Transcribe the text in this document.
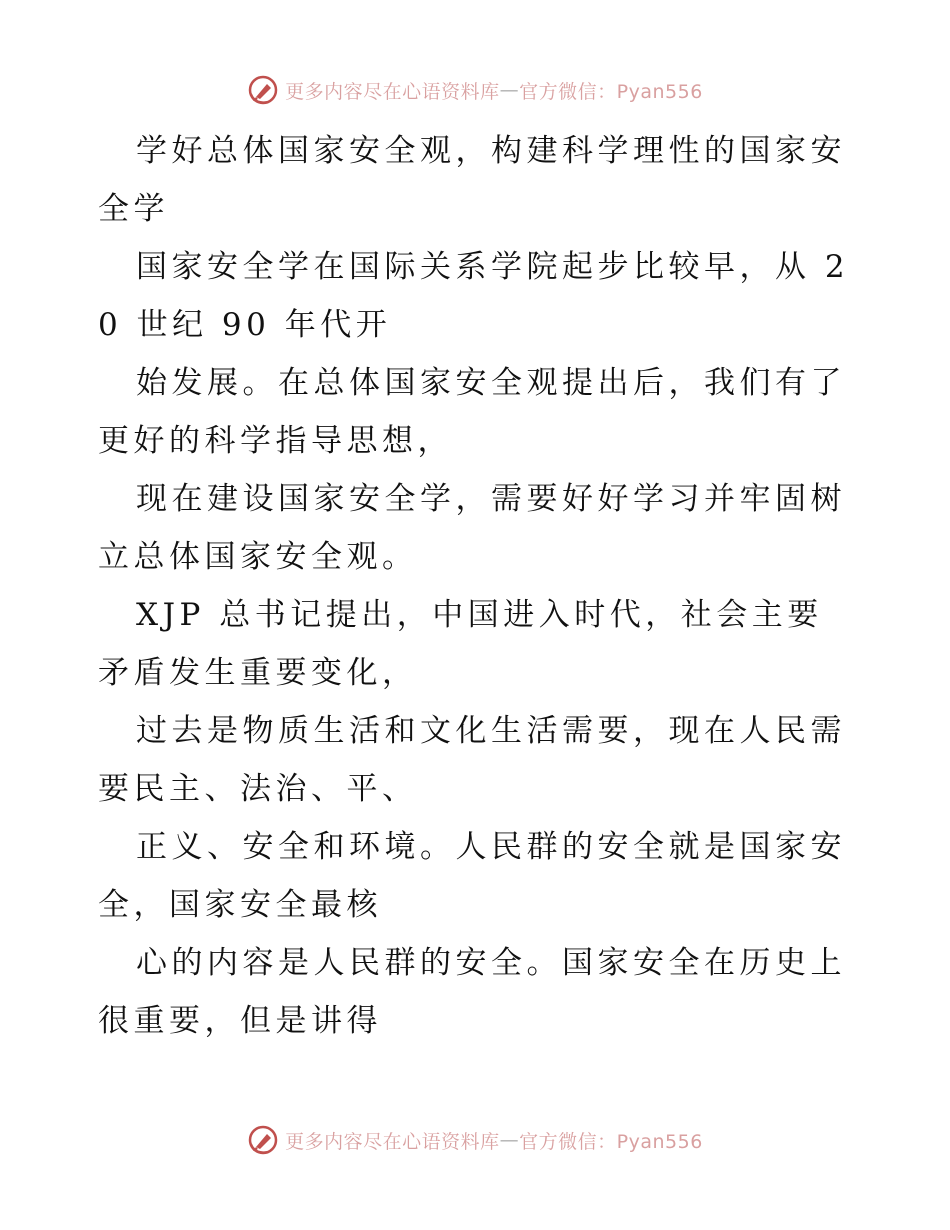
更多内容尽在心语资料库 — 官方微信：Pyan556

学好总体国家安全观，构建科学理性的国家安全学

国家安全学在国际关系学院起步比较早，从 20 世纪 90 年代开

始发展。在总体国家安全观提出后，我们有了更好的科学指导思想，

现在建设国家安全学，需要好好学习并牢固树立总体国家安全观。

XJP 总书记提出，中国进入时代，社会主要矛盾发生重要变化，

过去是物质生活和文化生活需要，现在人民需要民主、法治、平、

正义、安全和环境。人民群的安全就是国家安全，国家安全最核

心的内容是人民群的安全。国家安全在历史上很重要，但是讲得

更多内容尽在心语资料库 — 官方微信：Pyan556
